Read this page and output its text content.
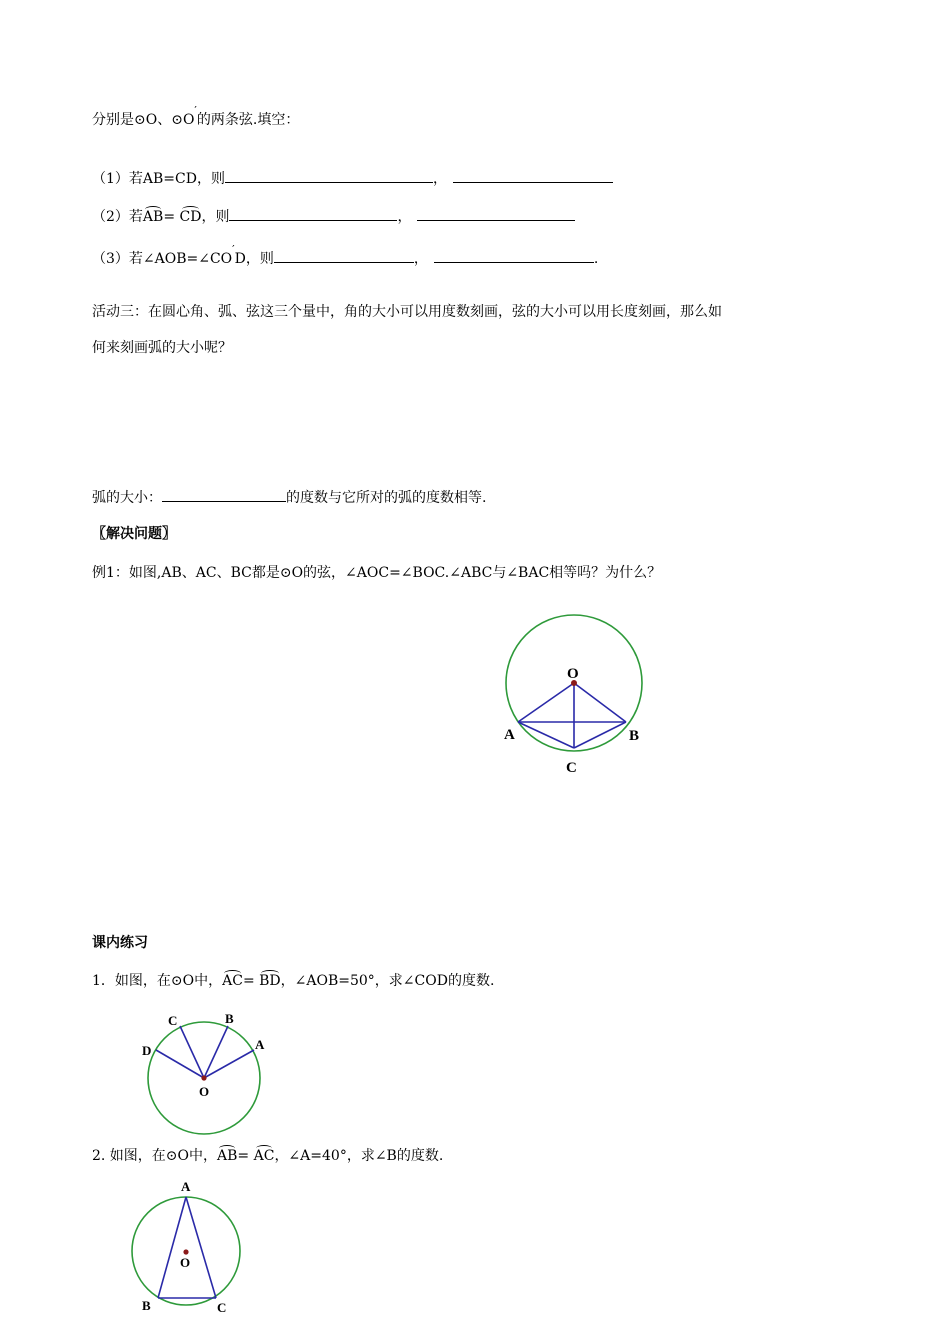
分别是⊙O、⊙O′的两条弦.填空：
（1）若AB=CD，则	，
（2）若AB= CD，则	，
（3）若∠AOB=∠CO′D，则	，	.
活动三：在圆心角、弧、弦这三个量中，角的大小可以用度数刻画，弦的大小可以用长度刻画，那么如
何来刻画弧的大小呢？
弧的大小：	的度数与它所对的弧的度数相等.
〖解决问题〗
例1：如图,AB、AC、BC都是⊙O的弦，∠AOC=∠BOC.∠ABC与∠BAC相等吗？为什么？
O
A	B
C
课内练习
1．如图，在⊙O中，AC= BD，∠AOB=50°，求∠COD的度数.
D
C	B
A
O
2. 如图，在⊙O中，AB= AC，∠A=40°，求∠B的度数.
A
O
B	C
